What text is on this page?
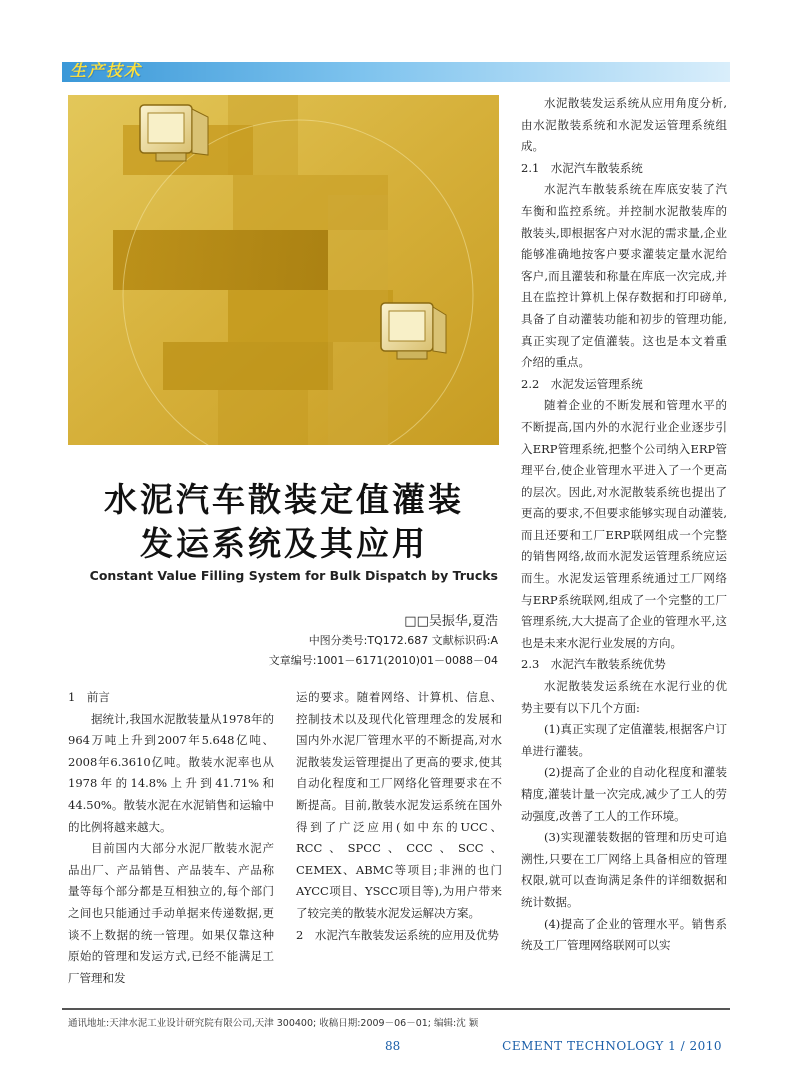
生产技术
水泥汽车散装定值灌装
发运系统及其应用
Constant Value Filling System for Bulk Dispatch by Trucks
□□吴振华,夏浩
中图分类号:TQ172.687 文献标识码:A
文章编号:1001－6171(2010)01－0088－04

1　前言

据统计,我国水泥散装量从1978年的964万吨上升到2007年5.648亿吨、2008年6.3610亿吨。散装水泥率也从1978年的14.8%上升到41.71%和44.50%。散装水泥在水泥销售和运输中的比例将越来越大。

目前国内大部分水泥厂散装水泥产品出厂、产品销售、产品装车、产品称量等每个部分都是互相独立的,每个部门之间也只能通过手动单据来传递数据,更谈不上数据的统一管理。如果仅靠这种原始的管理和发运方式,已经不能满足工厂管理和发

运的要求。随着网络、计算机、信息、控制技术以及现代化管理理念的发展和国内外水泥厂管理水平的不断提高,对水泥散装发运管理提出了更高的要求,使其自动化程度和工厂网络化管理要求在不断提高。目前,散装水泥发运系统在国外得到了广泛应用(如中东的UCC、RCC、SPCC、CCC、SCC、CEMEX、ABMC等项目;非洲的也门AYCC项目、YSCC项目等),为用户带来了较完美的散装水泥发运解决方案。

2　水泥汽车散装发运系统的应用及优势

水泥散装发运系统从应用角度分析,由水泥散装系统和水泥发运管理系统组成。

2.1　水泥汽车散装系统

水泥汽车散装系统在库底安装了汽车衡和监控系统。并控制水泥散装库的散装头,即根据客户对水泥的需求量,企业能够准确地按客户要求灌装定量水泥给客户,而且灌装和称量在库底一次完成,并且在监控计算机上保存数据和打印磅单,具备了自动灌装功能和初步的管理功能,真正实现了定值灌装。这也是本文着重介绍的重点。

2.2　水泥发运管理系统

随着企业的不断发展和管理水平的不断提高,国内外的水泥行业企业逐步引入ERP管理系统,把整个公司纳入ERP管理平台,使企业管理水平进入了一个更高的层次。因此,对水泥散装系统也提出了更高的要求,不但要求能够实现自动灌装,而且还要和工厂ERP联网组成一个完整的销售网络,故而水泥发运管理系统应运而生。水泥发运管理系统通过工厂网络与ERP系统联网,组成了一个完整的工厂管理系统,大大提高了企业的管理水平,这也是未来水泥行业发展的方向。

2.3　水泥汽车散装系统优势

水泥散装发运系统在水泥行业的优势主要有以下几个方面:

(1)真正实现了定值灌装,根据客户订单进行灌装。

(2)提高了企业的自动化程度和灌装精度,灌装计量一次完成,减少了工人的劳动强度,改善了工人的工作环境。

(3)实现灌装数据的管理和历史可追溯性,只要在工厂网络上具备相应的管理权限,就可以查询满足条件的详细数据和统计数据。

(4)提高了企业的管理水平。销售系统及工厂管理网络联网可以实

通讯地址:天津水泥工业设计研究院有限公司,天津 300400; 收稿日期:2009－06－01; 编辑:沈 颖
88	CEMENT TECHNOLOGY 1 / 2010
